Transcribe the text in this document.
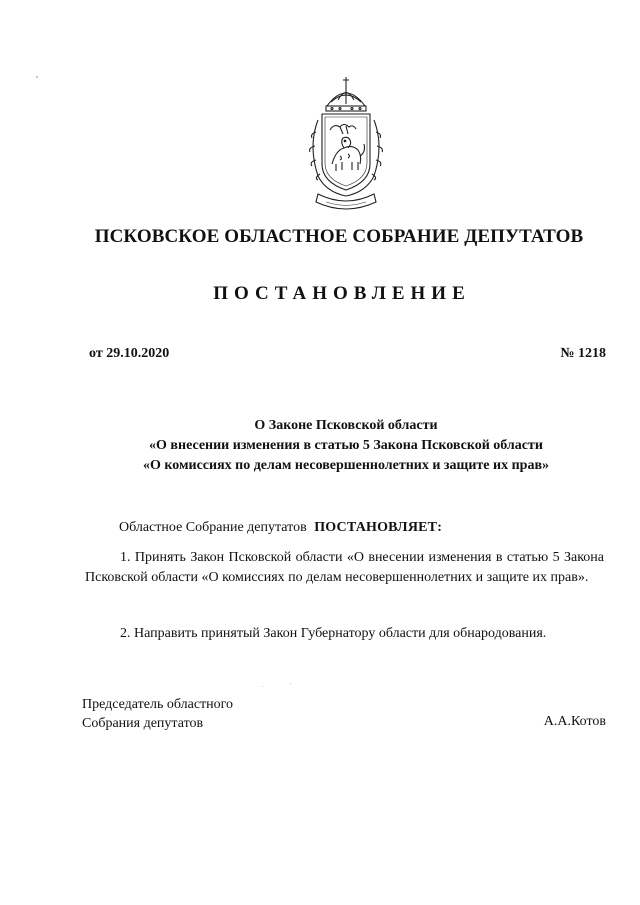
ПСКОВСКОЕ ОБЛАСТНОЕ СОБРАНИЕ ДЕПУТАТОВ
ПОСТАНОВЛЕНИЕ
от 29.10.2020	№ 1218
О Законе Псковской области
«О внесении изменения в статью 5 Закона Псковской области
«О комиссиях по делам несовершеннолетних и защите их прав»
Областное Собрание депутатов ПОСТАНОВЛЯЕТ:
1. Принять Закон Псковской области «О внесении изменения в статью 5 Закона Псковской области «О комиссиях по делам несовершеннолетних и защите их прав».
2. Направить принятый Закон Губернатору области для обнародования.
Председатель областного
Собрания депутатов	А.А.Котов
